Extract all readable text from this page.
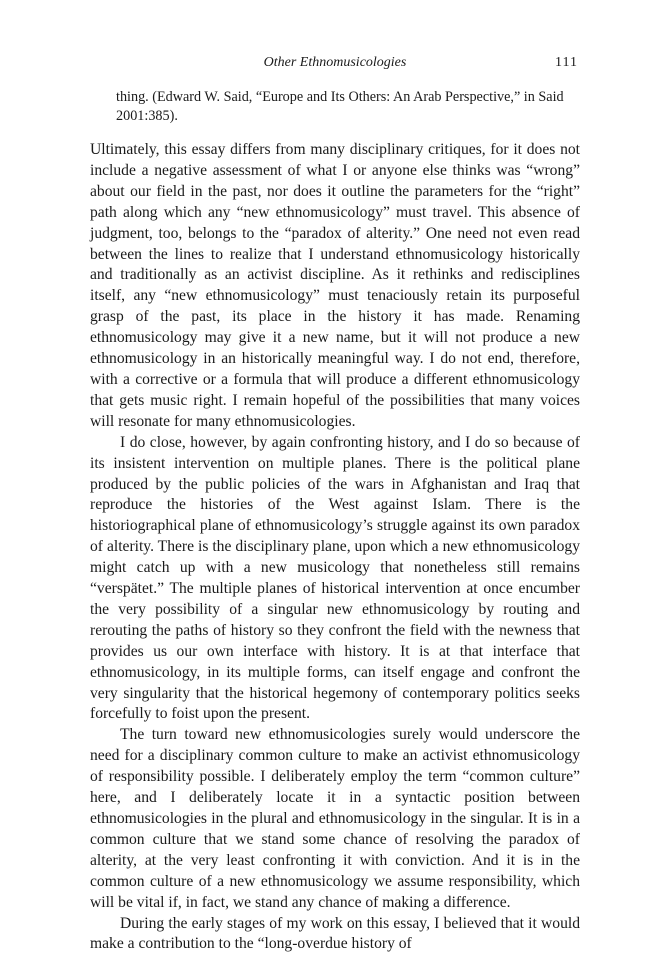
Other Ethnomusicologies	111

thing. (Edward W. Said, “Europe and Its Others: An Arab Perspective,” in Said 2001:385).

Ultimately, this essay differs from many disciplinary critiques, for it does not include a negative assessment of what I or anyone else thinks was “wrong” about our field in the past, nor does it outline the parameters for the “right” path along which any “new ethnomusicology” must travel. This absence of judgment, too, belongs to the “paradox of alterity.” One need not even read between the lines to realize that I understand ethnomusicology historically and traditionally as an activist discipline. As it rethinks and redisciplines itself, any “new ethnomusicology” must tenaciously retain its purposeful grasp of the past, its place in the history it has made. Renaming ethnomusicology may give it a new name, but it will not produce a new ethnomusicology in an historically meaningful way. I do not end, therefore, with a corrective or a formula that will produce a different ethnomusicology that gets music right. I remain hopeful of the possibilities that many voices will resonate for many ethnomusicologies.

I do close, however, by again confronting history, and I do so because of its insistent intervention on multiple planes. There is the political plane produced by the public policies of the wars in Afghanistan and Iraq that reproduce the histories of the West against Islam. There is the historiographical plane of ethnomusicology’s struggle against its own paradox of alterity. There is the disciplinary plane, upon which a new ethnomusicology might catch up with a new musicology that nonetheless still remains “verspätet.” The multiple planes of historical intervention at once encumber the very possibility of a singular new ethnomusicology by routing and rerouting the paths of history so they confront the field with the newness that provides us our own interface with history. It is at that interface that ethnomusicology, in its multiple forms, can itself engage and confront the very singularity that the historical hegemony of contemporary politics seeks forcefully to foist upon the present.

The turn toward new ethnomusicologies surely would underscore the need for a disciplinary common culture to make an activist ethnomusicology of responsibility possible. I deliberately employ the term “common culture” here, and I deliberately locate it in a syntactic position between ethnomusicologies in the plural and ethnomusicology in the singular. It is in a common culture that we stand some chance of resolving the paradox of alterity, at the very least confronting it with conviction. And it is in the common culture of a new ethnomusicology we assume responsibility, which will be vital if, in fact, we stand any chance of making a difference.

During the early stages of my work on this essay, I believed that it would make a contribution to the “long-overdue history of
